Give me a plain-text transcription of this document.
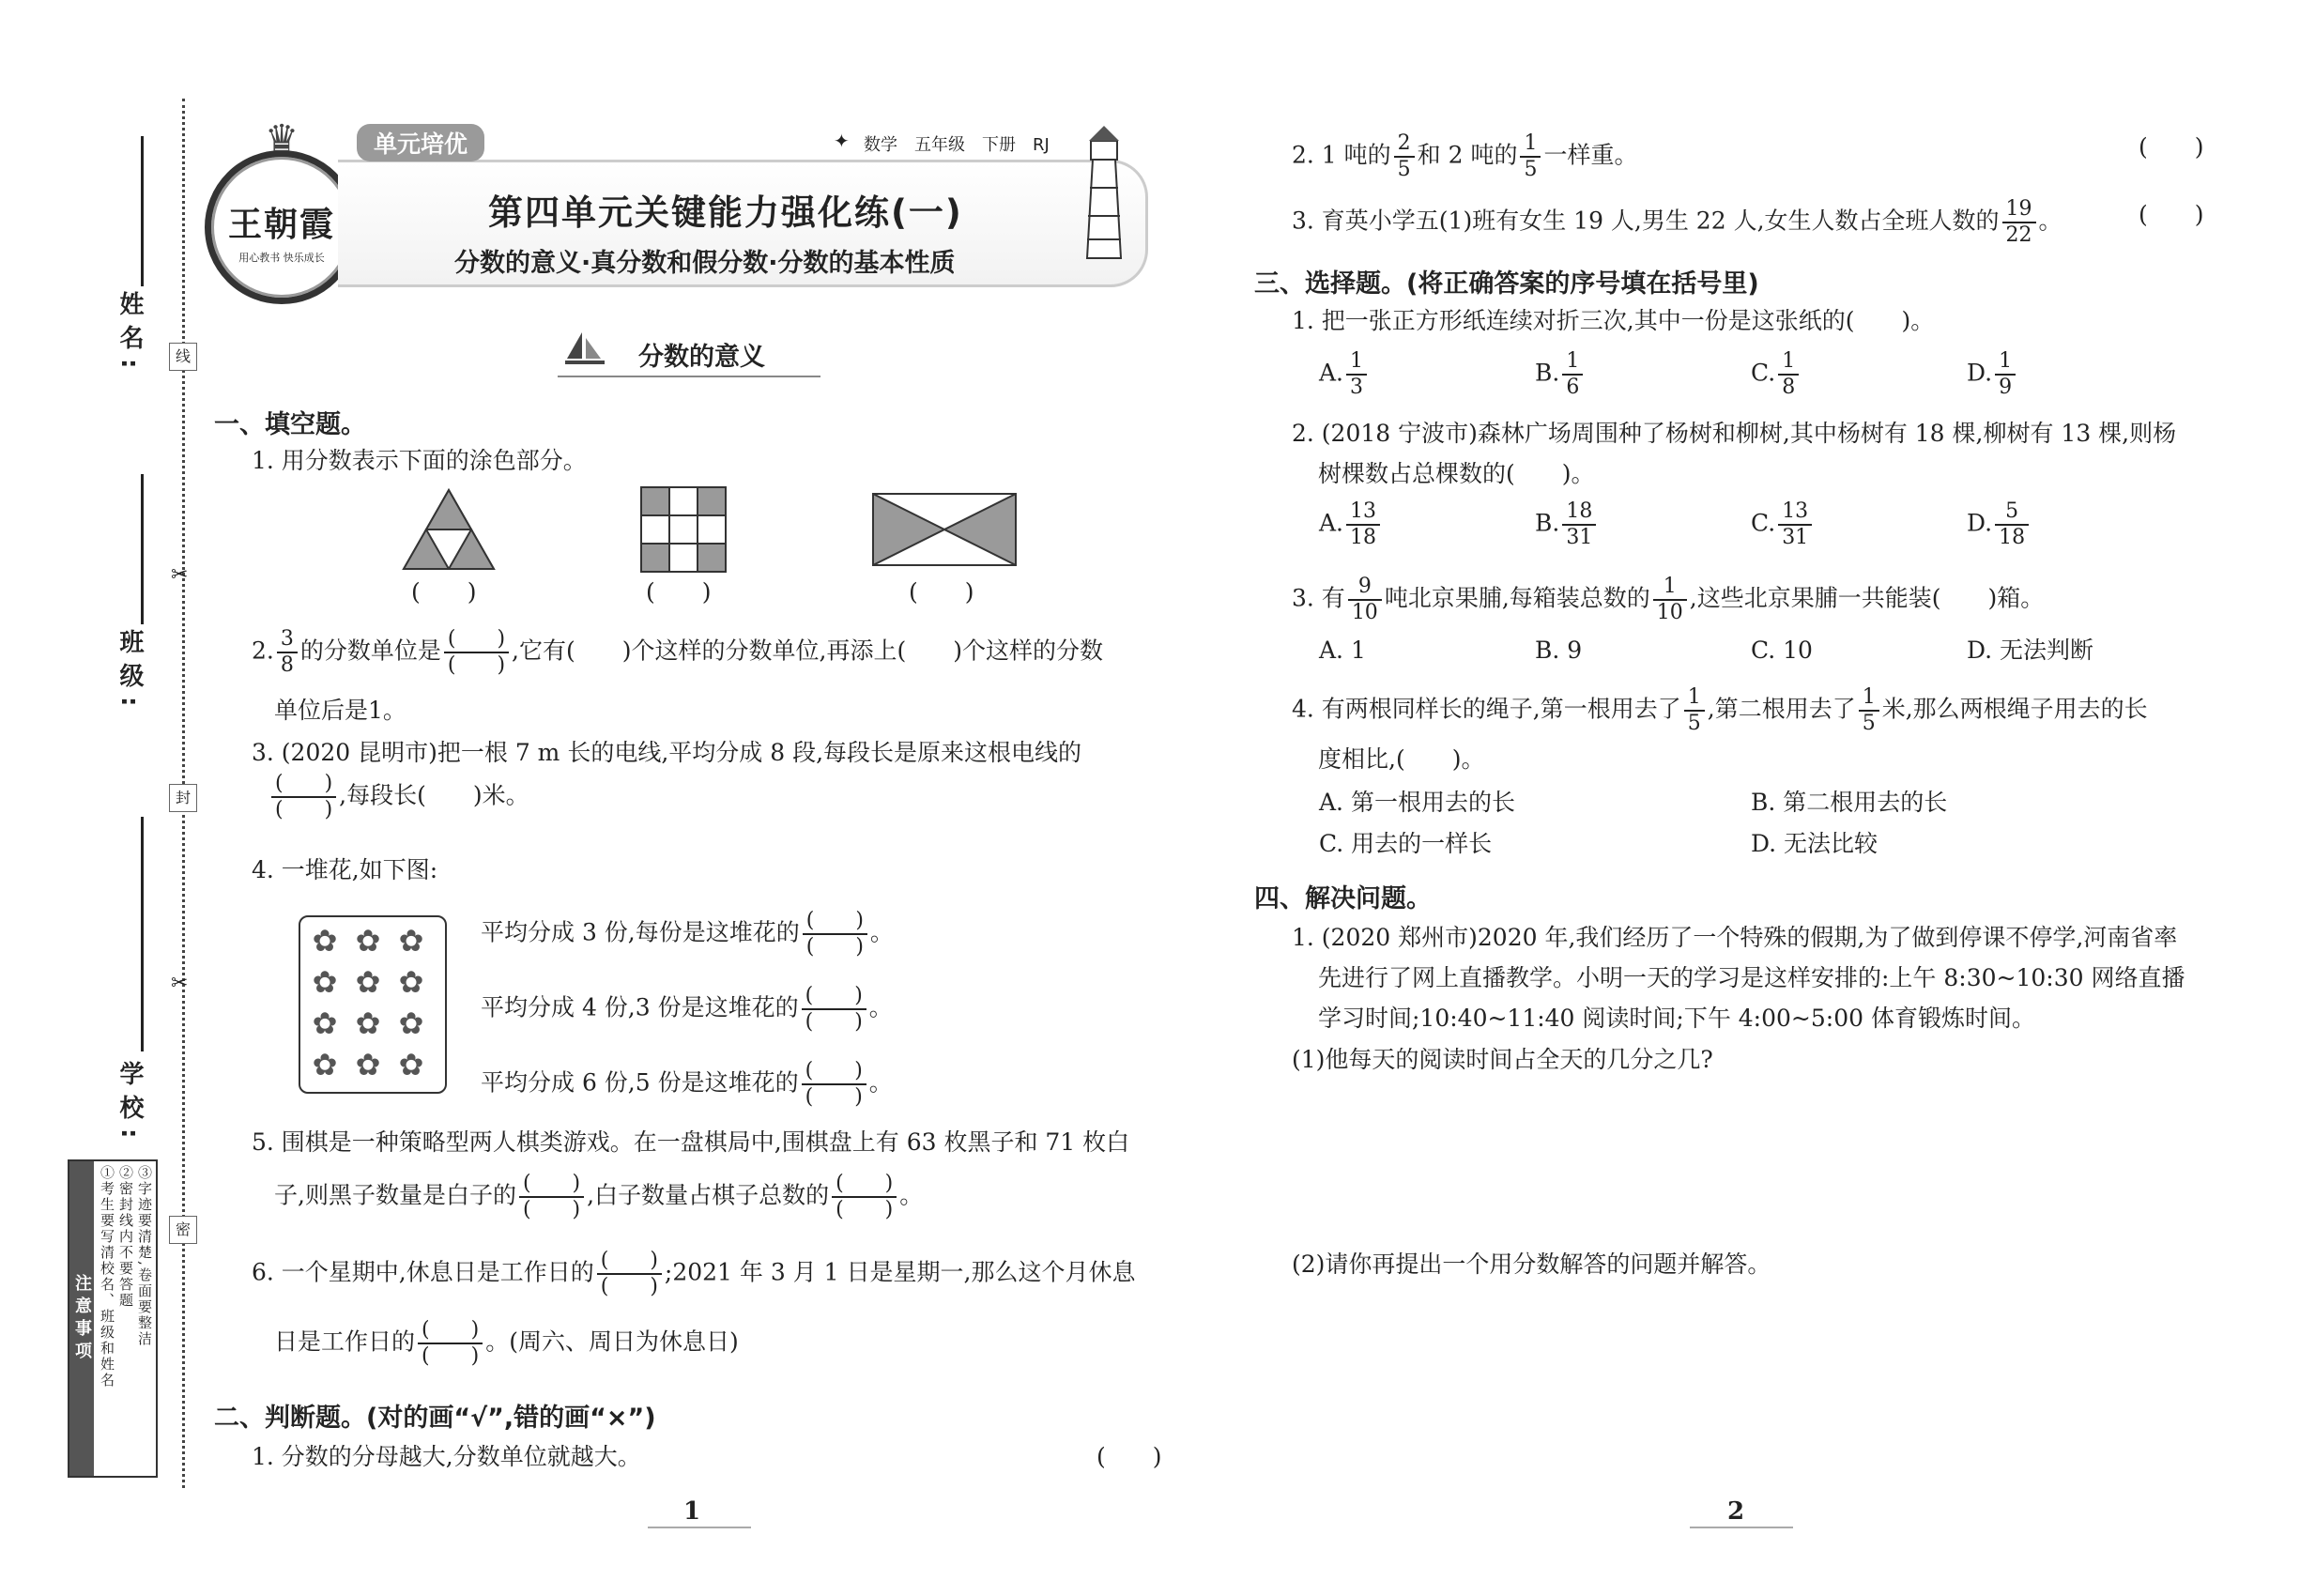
姓名:
班级:
学校:
线
✂
封
✂
密
注意事项 ①考生要写清校名、班级和姓名 ②密封线内不要答题 ③字迹要清楚,卷面要整洁
♛
王朝霞
用心教书 快乐成长
单元培优	✦ 数学　五年级　下册　RJ
第四单元关键能力强化练(一)
分数的意义·真分数和假分数·分数的基本性质
分数的意义
一、填空题。
1. 用分数表示下面的涂色部分。
(　　)	(　　)	(　　)
2. $\frac{3}{8}$ 的分数单位是 (　　)
(　　)
,它有(　　)个这样的分数单位,再添上(　　)个这样的分数
单位后是1。
3. (2020 昆明市)把一根 7 m 长的电线,平均分成 8 段,每段长是原来这根电线的
(　　)
(　　)
,每段长(　　)米。
4. 一堆花,如下图:
✿ ✿ ✿
✿ ✿ ✿
✿ ✿ ✿
✿ ✿ ✿
平均分成 3 份,每份是这堆花的 (　　)
(　　)
。
平均分成 4 份,3 份是这堆花的 (　　)
(　　)
。
平均分成 6 份,5 份是这堆花的 (　　)
(　　)
。
5. 围棋是一种策略型两人棋类游戏。在一盘棋局中,围棋盘上有 63 枚黑子和 71 枚白
子,则黑子数量是白子的 (　　)
(　　)
,白子数量占棋子总数的 (　　)
(　　)
。
6. 一个星期中,休息日是工作日的 (　　)
(　　)
;2021 年 3 月 1 日是星期一,那么这个月休息
日是工作日的 (　　)
(　　)
。(周六、周日为休息日)
二、判断题。(对的画“√”,错的画“×”)
1. 分数的分母越大,分数单位就越大。	(　　)
1
2. 1 吨的 $\frac{2}{5}$ 和 2 吨的 $\frac{1}{5}$ 一样重。	(　　)
3. 育英小学五(1)班有女生 19 人,男生 22 人,女生人数占全班人数的 $\frac{19}{22}$ 。	(　　)
三、选择题。(将正确答案的序号填在括号里)
1. 把一张正方形纸连续对折三次,其中一份是这张纸的(　　)。
A. $\frac{1}{3}$	B. $\frac{1}{6}$	C. $\frac{1}{8}$	D. $\frac{1}{9}$
2. (2018 宁波市)森林广场周围种了杨树和柳树,其中杨树有 18 棵,柳树有 13 棵,则杨
树棵数占总棵数的(　　)。
A. $\frac{13}{18}$	B. $\frac{18}{31}$	C. $\frac{13}{31}$	D. $\frac{5}{18}$
3. 有 $\frac{9}{10}$ 吨北京果脯,每箱装总数的 $\frac{1}{10}$ ,这些北京果脯一共能装(　　)箱。
A. 1	B. 9	C. 10	D. 无法判断
4. 有两根同样长的绳子,第一根用去了 $\frac{1}{5}$ ,第二根用去了 $\frac{1}{5}$ 米,那么两根绳子用去的长
度相比,(　　)。
A. 第一根用去的长	B. 第二根用去的长
C. 用去的一样长	D. 无法比较
四、解决问题。
1. (2020 郑州市)2020 年,我们经历了一个特殊的假期,为了做到停课不停学,河南省率
先进行了网上直播教学。小明一天的学习是这样安排的:上午 8:30~10:30 网络直播
学习时间;10:40~11:40 阅读时间;下午 4:00~5:00 体育锻炼时间。
(1)他每天的阅读时间占全天的几分之几?
(2)请你再提出一个用分数解答的问题并解答。
2
